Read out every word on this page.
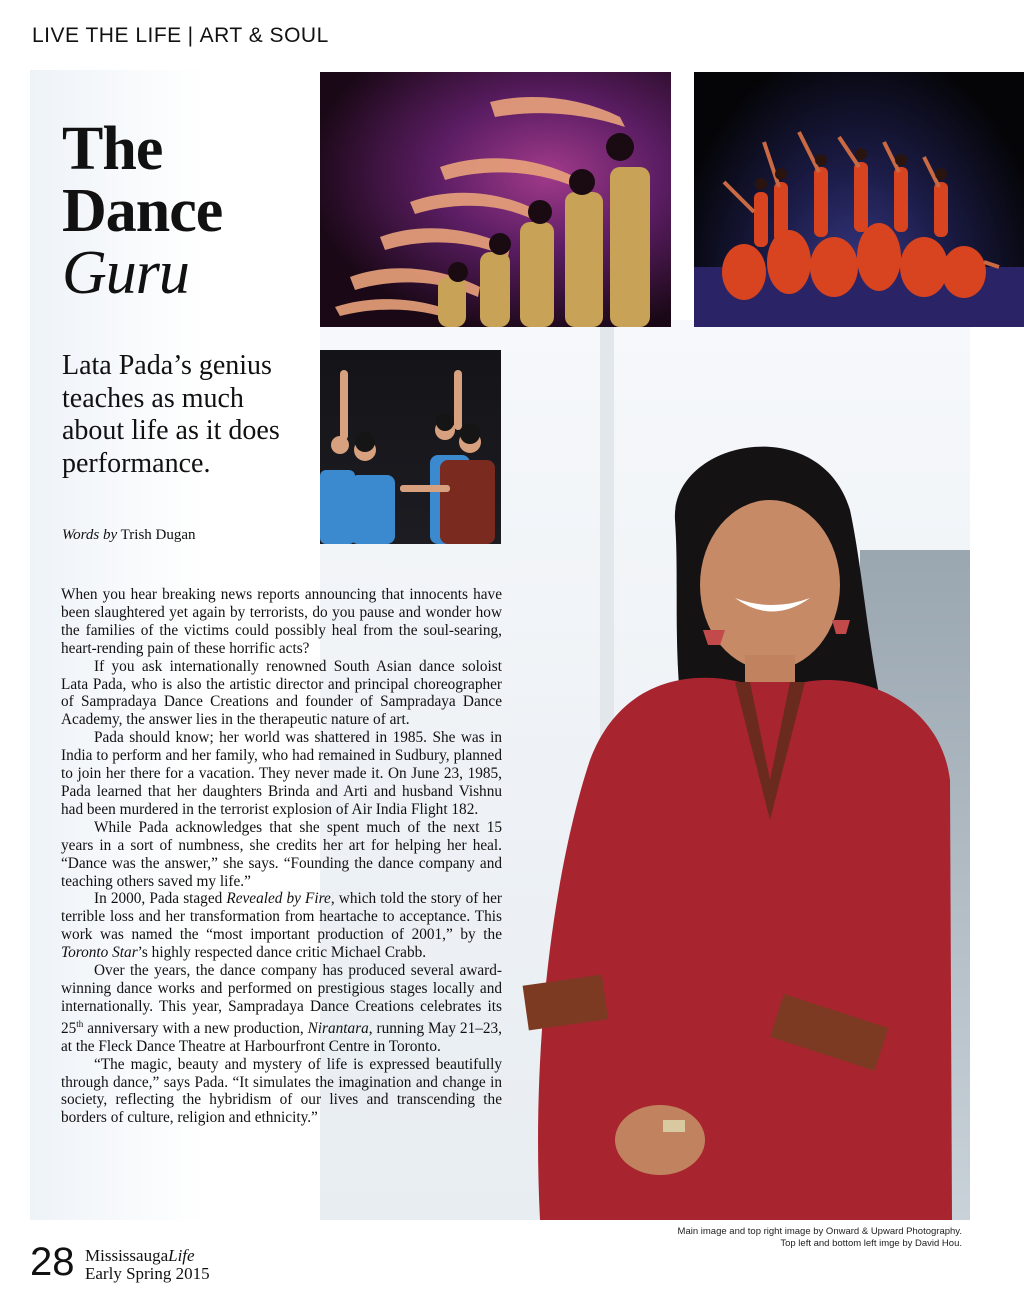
LIVE THE LIFE | ART & SOUL
The
Dance
Guru
Lata Pada’s genius teaches as much about life as it does performance.
Words by Trish Dugan

When you hear breaking news reports announcing that innocents have been slaughtered yet again by terrorists, do you pause and wonder how the families of the victims could possibly heal from the soul-searing, heart-rending pain of these horrific acts?

If you ask internationally renowned South Asian dance soloist Lata Pada, who is also the artistic director and principal choreographer of Sampradaya Dance Creations and founder of Sampradaya Dance Academy, the answer lies in the therapeutic nature of art.

Pada should know; her world was shattered in 1985. She was in India to perform and her family, who had remained in Sudbury, planned to join her there for a vacation. They never made it. On June 23, 1985, Pada learned that her daughters Brinda and Arti and husband Vishnu had been murdered in the terrorist explosion of Air India Flight 182.

While Pada acknowledges that she spent much of the next 15 years in a sort of numbness, she credits her art for helping her heal. “Dance was the answer,” she says. “Founding the dance company and teaching others saved my life.”

In 2000, Pada staged Revealed by Fire, which told the story of her terrible loss and her transformation from heartache to acceptance. This work was named the “most important production of 2001,” by the Toronto Star’s highly respected dance critic Michael Crabb.

Over the years, the dance company has produced several award-winning dance works and performed on prestigious stages locally and internationally. This year, Sampradaya Dance Creations celebrates its 25th anniversary with a new production, Nirantara, running May 21–23, at the Fleck Dance Theatre at Harbourfront Centre in Toronto.

“The magic, beauty and mystery of life is expressed beautifully through dance,” says Pada. “It simulates the imagination and change in society, reflecting the hybridism of our lives and transcending the borders of culture, religion and ethnicity.”

Main image and top right image by Onward & Upward Photography.
Top left and bottom left imge by David Hou.
28 MississaugaLife
Early Spring 2015
